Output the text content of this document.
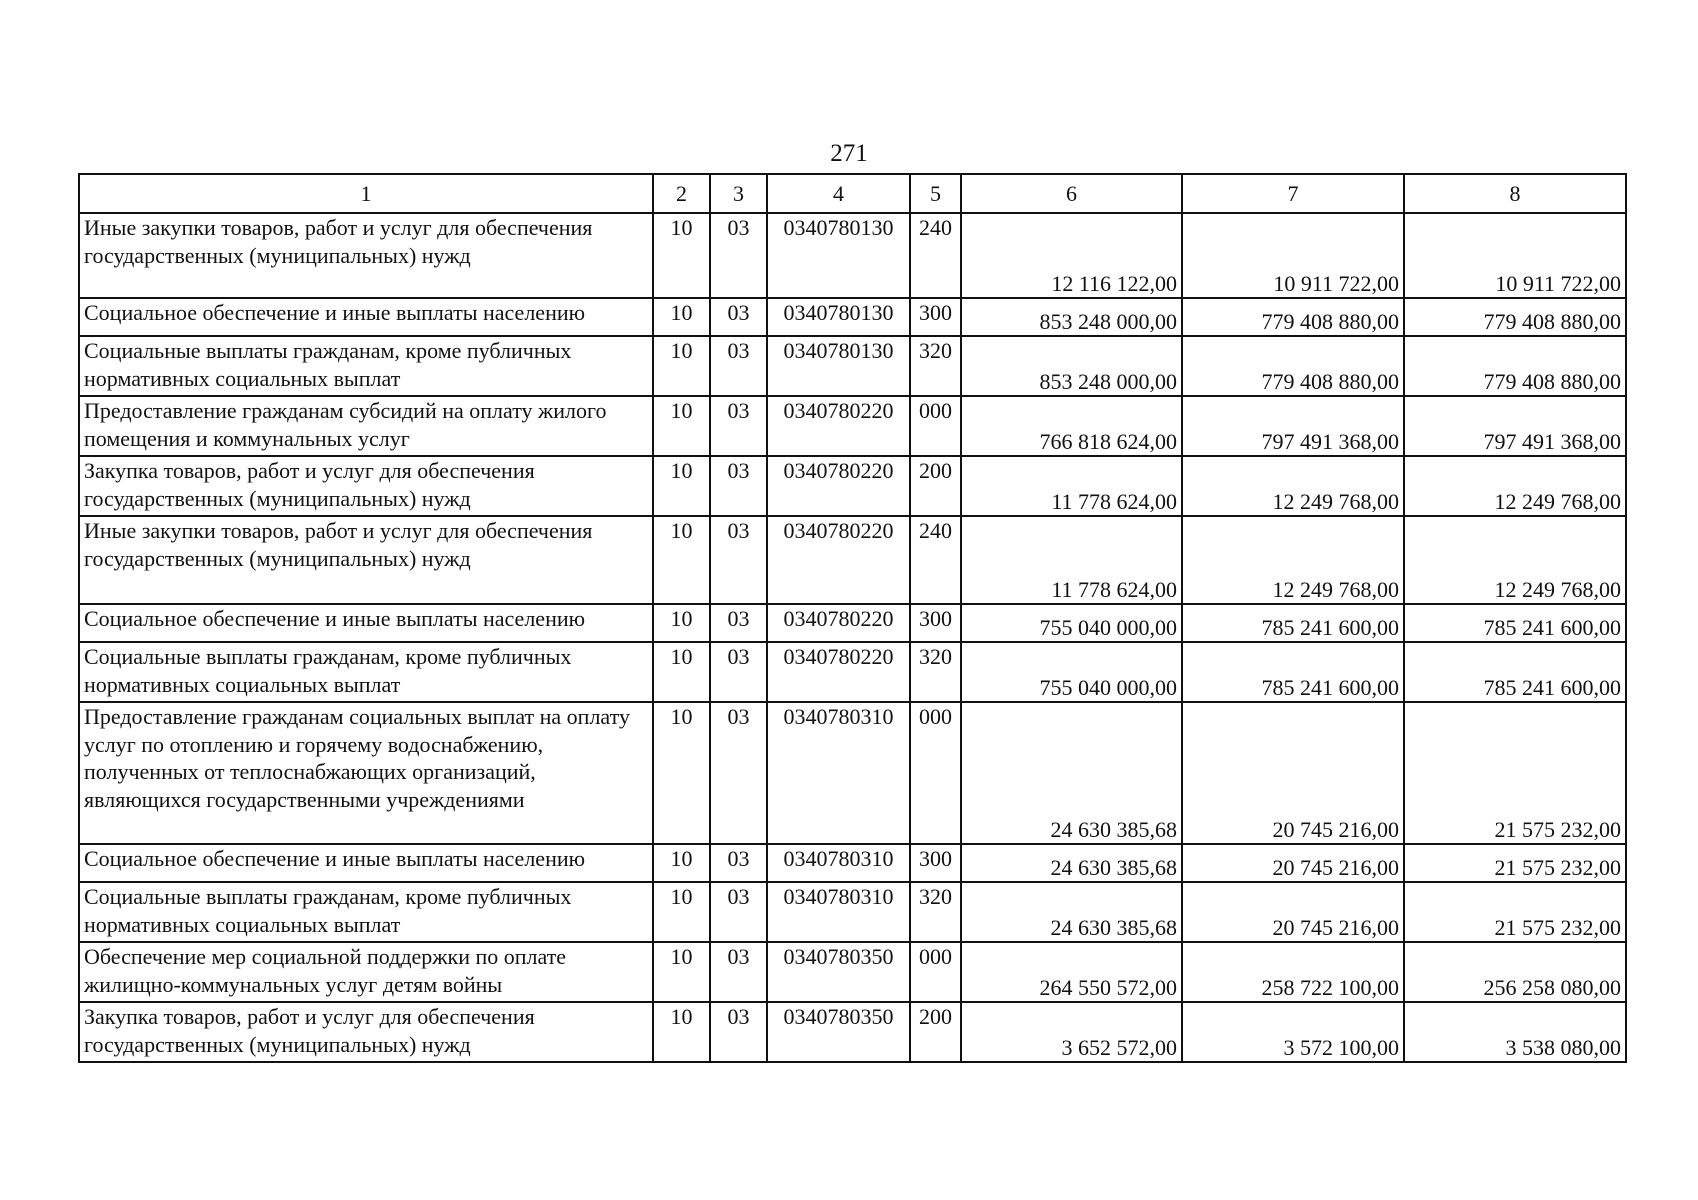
271
1	2	3	4	5	6	7	8
Иные закупки товаров, работ и услуг для обеспечения государственных (муниципальных) нужд	10	03	0340780130	240	12 116 122,00	10 911 722,00	10 911 722,00
Социальное обеспечение и иные выплаты населению	10	03	0340780130	300	853 248 000,00	779 408 880,00	779 408 880,00
Социальные выплаты гражданам, кроме публичных нормативных социальных выплат	10	03	0340780130	320	853 248 000,00	779 408 880,00	779 408 880,00
Предоставление гражданам субсидий на оплату жилого помещения и коммунальных услуг	10	03	0340780220	000	766 818 624,00	797 491 368,00	797 491 368,00
Закупка товаров, работ и услуг для обеспечения государственных (муниципальных) нужд	10	03	0340780220	200	11 778 624,00	12 249 768,00	12 249 768,00
Иные закупки товаров, работ и услуг для обеспечения государственных (муниципальных) нужд	10	03	0340780220	240	11 778 624,00	12 249 768,00	12 249 768,00
Социальное обеспечение и иные выплаты населению	10	03	0340780220	300	755 040 000,00	785 241 600,00	785 241 600,00
Социальные выплаты гражданам, кроме публичных нормативных социальных выплат	10	03	0340780220	320	755 040 000,00	785 241 600,00	785 241 600,00
Предоставление гражданам социальных выплат на оплату услуг по отоплению и горячему водоснабжению, полученных от теплоснабжающих организаций, являющихся государственными учреждениями	10	03	0340780310	000	24 630 385,68	20 745 216,00	21 575 232,00
Социальное обеспечение и иные выплаты населению	10	03	0340780310	300	24 630 385,68	20 745 216,00	21 575 232,00
Социальные выплаты гражданам, кроме публичных нормативных социальных выплат	10	03	0340780310	320	24 630 385,68	20 745 216,00	21 575 232,00
Обеспечение мер социальной поддержки по оплате жилищно-коммунальных услуг детям войны	10	03	0340780350	000	264 550 572,00	258 722 100,00	256 258 080,00
Закупка товаров, работ и услуг для обеспечения государственных (муниципальных) нужд	10	03	0340780350	200	3 652 572,00	3 572 100,00	3 538 080,00
